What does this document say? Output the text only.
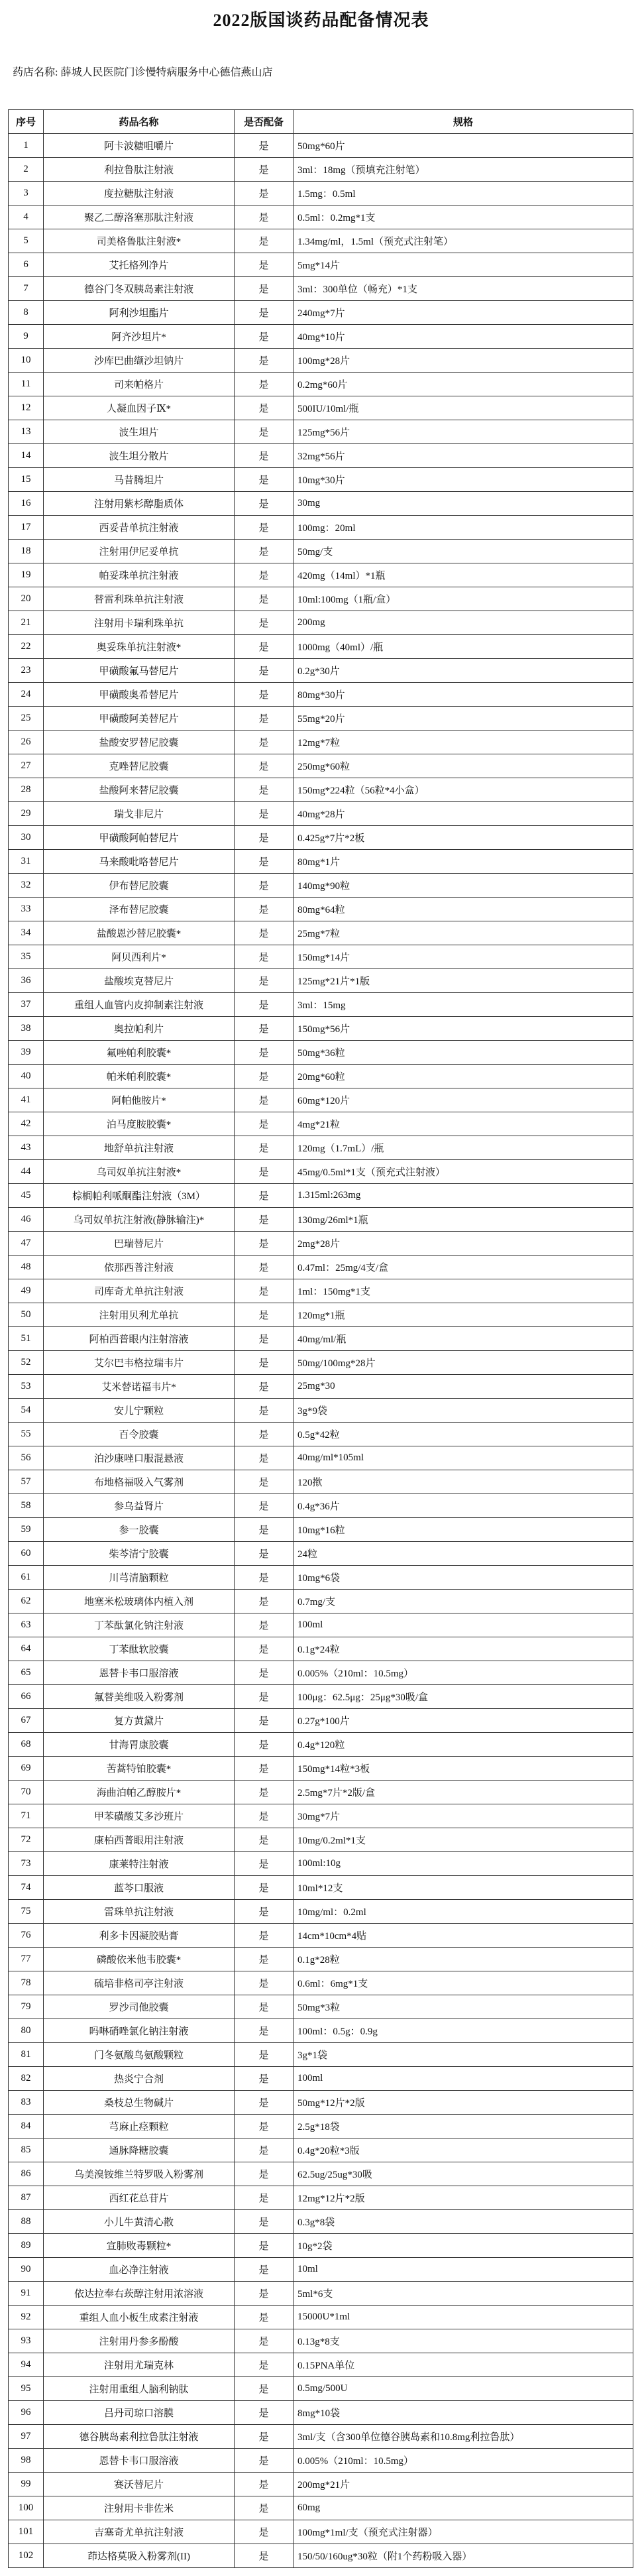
2022版国谈药品配备情况表
药店名称: 薛城人民医院门诊慢特病服务中心德信燕山店
序号	药品名称	是否配备	规格
1	阿卡波糖咀嚼片	是	50mg*60片
2	利拉鲁肽注射液	是	3ml：18mg（预填充注射笔）
3	度拉糖肽注射液	是	1.5mg：0.5ml
4	聚乙二醇洛塞那肽注射液	是	0.5ml：0.2mg*1支
5	司美格鲁肽注射液*	是	1.34mg/ml，1.5ml（预充式注射笔）
6	艾托格列净片	是	5mg*14片
7	德谷门冬双胰岛素注射液	是	3ml：300单位（畅充）*1支
8	阿利沙坦酯片	是	240mg*7片
9	阿齐沙坦片*	是	40mg*10片
10	沙库巴曲缬沙坦钠片	是	100mg*28片
11	司来帕格片	是	0.2mg*60片
12	人凝血因子Ⅸ*	是	500IU/10ml/瓶
13	波生坦片	是	125mg*56片
14	波生坦分散片	是	32mg*56片
15	马昔腾坦片	是	10mg*30片
16	注射用紫杉醇脂质体	是	30mg
17	西妥昔单抗注射液	是	100mg：20ml
18	注射用伊尼妥单抗	是	50mg/支
19	帕妥珠单抗注射液	是	420mg（14ml）*1瓶
20	替雷利珠单抗注射液	是	10ml:100mg（1瓶/盒）
21	注射用卡瑞利珠单抗	是	200mg
22	奥妥珠单抗注射液*	是	1000mg（40ml）/瓶
23	甲磺酸氟马替尼片	是	0.2g*30片
24	甲磺酸奥希替尼片	是	80mg*30片
25	甲磺酸阿美替尼片	是	55mg*20片
26	盐酸安罗替尼胶囊	是	12mg*7粒
27	克唑替尼胶囊	是	250mg*60粒
28	盐酸阿来替尼胶囊	是	150mg*224粒（56粒*4小盒）
29	瑞戈非尼片	是	40mg*28片
30	甲磺酸阿帕替尼片	是	0.425g*7片*2板
31	马来酸吡咯替尼片	是	80mg*1片
32	伊布替尼胶囊	是	140mg*90粒
33	泽布替尼胶囊	是	80mg*64粒
34	盐酸恩沙替尼胶囊*	是	25mg*7粒
35	阿贝西利片*	是	150mg*14片
36	盐酸埃克替尼片	是	125mg*21片*1版
37	重组人血管内皮抑制素注射液	是	3ml：15mg
38	奥拉帕利片	是	150mg*56片
39	氟唑帕利胶囊*	是	50mg*36粒
40	帕米帕利胶囊*	是	20mg*60粒
41	阿帕他胺片*	是	60mg*120片
42	泊马度胺胶囊*	是	4mg*21粒
43	地舒单抗注射液	是	120mg（1.7mL）/瓶
44	乌司奴单抗注射液*	是	45mg/0.5ml*1支（预充式注射液）
45	棕榈帕利哌酮酯注射液（3M）	是	1.315ml:263mg
46	乌司奴单抗注射液(静脉输注)*	是	130mg/26ml*1瓶
47	巴瑞替尼片	是	2mg*28片
48	依那西普注射液	是	0.47ml：25mg/4支/盒
49	司库奇尤单抗注射液	是	1ml：150mg*1支
50	注射用贝利尤单抗	是	120mg*1瓶
51	阿柏西普眼内注射溶液	是	40mg/ml/瓶
52	艾尔巴韦格拉瑞韦片	是	50mg/100mg*28片
53	艾米替诺福韦片*	是	25mg*30
54	安儿宁颗粒	是	3g*9袋
55	百令胶囊	是	0.5g*42粒
56	泊沙康唑口服混悬液	是	40mg/ml*105ml
57	布地格福吸入气雾剂	是	120揿
58	参乌益肾片	是	0.4g*36片
59	参一胶囊	是	10mg*16粒
60	柴芩清宁胶囊	是	24粒
61	川芎清脑颗粒	是	10mg*6袋
62	地塞米松玻璃体内植入剂	是	0.7mg/支
63	丁苯酞氯化钠注射液	是	100ml
64	丁苯酞软胶囊	是	0.1g*24粒
65	恩替卡韦口服溶液	是	0.005%（210ml：10.5mg）
66	氟替美维吸入粉雾剂	是	100μg：62.5μg：25μg*30吸/盒
67	复方黄黛片	是	0.27g*100片
68	甘海胃康胶囊	是	0.4g*120粒
69	苦蒿特铂胶囊*	是	150mg*14粒*3板
70	海曲泊帕乙醇胺片*	是	2.5mg*7片*2版/盒
71	甲苯磺酸艾多沙班片	是	30mg*7片
72	康柏西普眼用注射液	是	10mg/0.2ml*1支
73	康莱特注射液	是	100ml:10g
74	蓝芩口服液	是	10ml*12支
75	雷珠单抗注射液	是	10mg/ml：0.2ml
76	利多卡因凝胶贴膏	是	14cm*10cm*4贴
77	磷酸依米他韦胶囊*	是	0.1g*28粒
78	硫培非格司亭注射液	是	0.6ml：6mg*1支
79	罗沙司他胶囊	是	50mg*3粒
80	吗啉硝唑氯化钠注射液	是	100ml：0.5g：0.9g
81	门冬氨酸鸟氨酸颗粒	是	3g*1袋
82	热炎宁合剂	是	100ml
83	桑枝总生物碱片	是	50mg*12片*2版
84	芎麻止痉颗粒	是	2.5g*18袋
85	通脉降糖胶囊	是	0.4g*20粒*3版
86	乌美溴铵维兰特罗吸入粉雾剂	是	62.5ug/25ug*30吸
87	西红花总苷片	是	12mg*12片*2版
88	小儿牛黄清心散	是	0.3g*8袋
89	宣肺败毒颗粒*	是	10g*2袋
90	血必净注射液	是	10ml
91	依达拉奉右莰醇注射用浓溶液	是	5ml*6支
92	重组人血小板生成素注射液	是	15000U*1ml
93	注射用丹参多酚酸	是	0.13g*8支
94	注射用尤瑞克林	是	0.15PNA单位
95	注射用重组人脑利钠肽	是	0.5mg/500U
96	吕丹司琼口溶膜	是	8mg*10袋
97	德谷胰岛素利拉鲁肽注射液	是	3ml/支（含300单位德谷胰岛素和10.8mg利拉鲁肽）
98	恩替卡韦口服溶液	是	0.005%（210ml：10.5mg）
99	赛沃替尼片	是	200mg*21片
100	注射用卡非佐米	是	60mg
101	吉塞奇尤单抗注射液	是	100mg*1ml/支（预充式注射器）
102	茚达格莫吸入粉雾剂(II)	是	150/50/160ug*30粒（附1个药粉吸入器）
